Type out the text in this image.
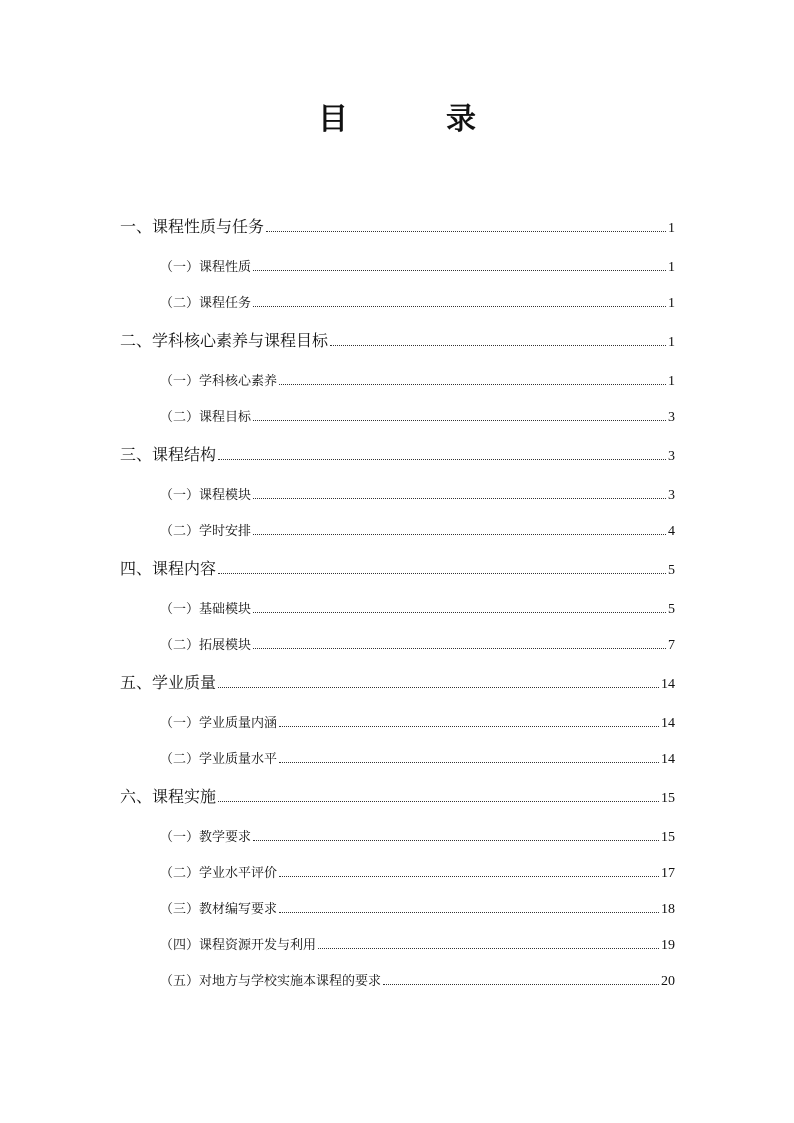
目　录
一、课程性质与任务	1
（一）课程性质	1
（二）课程任务	1
二、学科核心素养与课程目标	1
（一）学科核心素养	1
（二）课程目标	3
三、课程结构	3
（一）课程模块	3
（二）学时安排	4
四、课程内容	5
（一）基础模块	5
（二）拓展模块	7
五、学业质量	14
（一）学业质量内涵	14
（二）学业质量水平	14
六、课程实施	15
（一）教学要求	15
（二）学业水平评价	17
（三）教材编写要求	18
（四）课程资源开发与利用	19
（五）对地方与学校实施本课程的要求	20
